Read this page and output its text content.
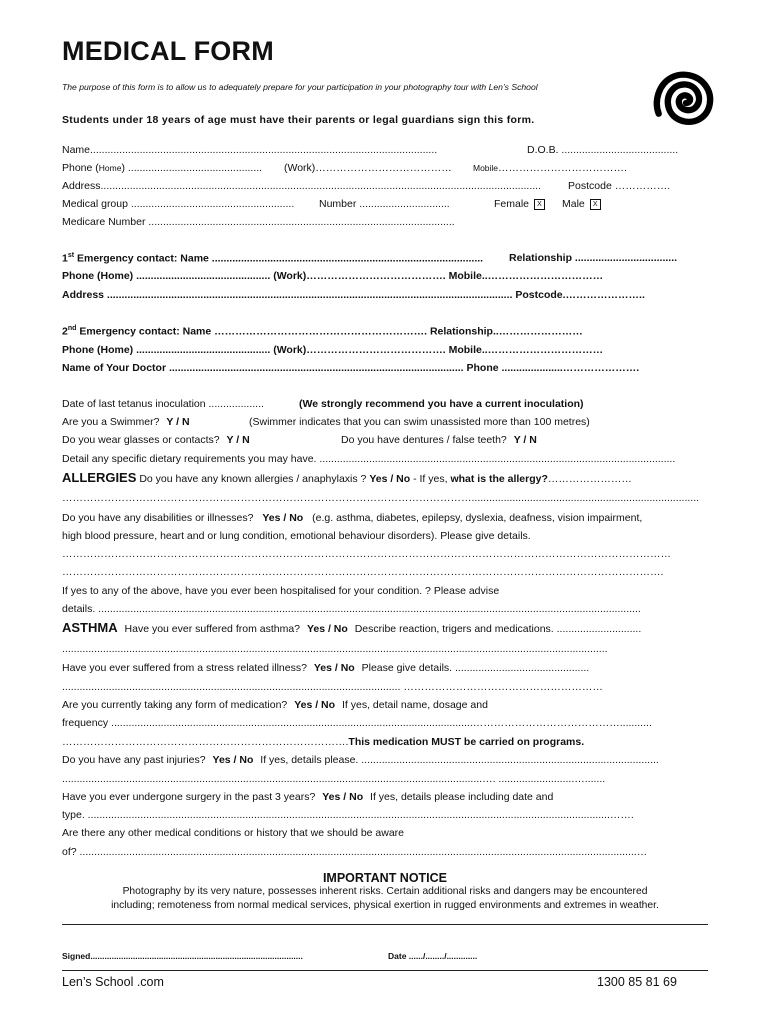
MEDICAL FORM
The purpose of this form is to allow us to adequately prepare for your participation in your photography tour with Len’s School
Students under 18 years of age must have their parents or legal guardians sign this form.
Name.......................................................................................................................	D.O.B. ........................................
Phone (Home) .............................................. (Work)………………………………… Mobile……………………………….
Address.......................................................................................................................................................	Postcode …………….
Medical group ........................................................ Number ...............................	Female X	Male X
Medicare Number .........................................................................................................
1st Emergency contact: Name ............................................................................................. Relationship ...................................
Phone (Home) .............................................. (Work)…………………………………. Mobile..……………………………
Address ........................................................................................................................................... Postcode.…………………..
2nd Emergency contact: Name ……………………………………………………. Relationship..……………………
Phone (Home) .............................................. (Work)…………………………………. Mobile..……………………………
Name of Your Doctor ..................................................................................................... Phone .....................………………….
Date of last tetanus inoculation ...................	(We strongly recommend you have a current inoculation)
Are you a Swimmer? Y / N	(Swimmer indicates that you can swim unassisted more than 100 metres)
Do you wear glasses or contacts? Y / N	Do you have dentures / false teeth? Y / N
Detail any specific dietary requirements you may have. ..........................................................................................................................
ALLERGIES Do you have any known allergies / anaphylaxis ? Yes / No - If yes, what is the allergy?……………………
………………………………………………………………………………………………………..............................................................................
Do you have any disabilities or illnesses? Yes / No (e.g. asthma, diabetes, epilepsy, dyslexia, deafness, vision impairment,
high blood pressure, heart and or lung condition, emotional behaviour disorders). Please give details.
…………………………………………………………………………………………………………………………………………………………
……………………………………………………………………………………………………………………………………………………….
If yes to any of the above, have you ever been hospitalised for your condition. ? Please advise
details. ..........................................................................................................................................................................................
ASTHMA Have you ever suffered from asthma? Yes / No Describe reaction, trigers and medications. .............................
...........................................................................................................................................................................................
Have you ever suffered from a stress related illness? Yes / No Please give details. ..............................................
.................................................................................................................... …………………………………………………
Are you currently taking any form of medication? Yes / No If yes, detail name, dosage and
frequency ............................................................................................................................……………………………………...........
……………………………………………………………………….This medication MUST be carried on programs.
Do you have any past injuries? Yes / No If yes, details please. ......................................................................................................
................................................................................................................................................…. ..........................….......
Have you ever undergone surgery in the past 3 years? Yes / No If yes, details please including date and
type. ...................................................................................................................................................................................…….
Are there any other medical conditions or history that we should be aware
of? ...............................................................................................................................................................................................…
IMPORTANT NOTICE
Photography by its very nature, possesses inherent risks. Certain additional risks and dangers may be encountered
including; remoteness from normal medical services, physical exertion in rugged environments and extremes in weather.
Signed..........................................................................................	Date ....../......../.............
Len’s School .com	1300 85 81 69
